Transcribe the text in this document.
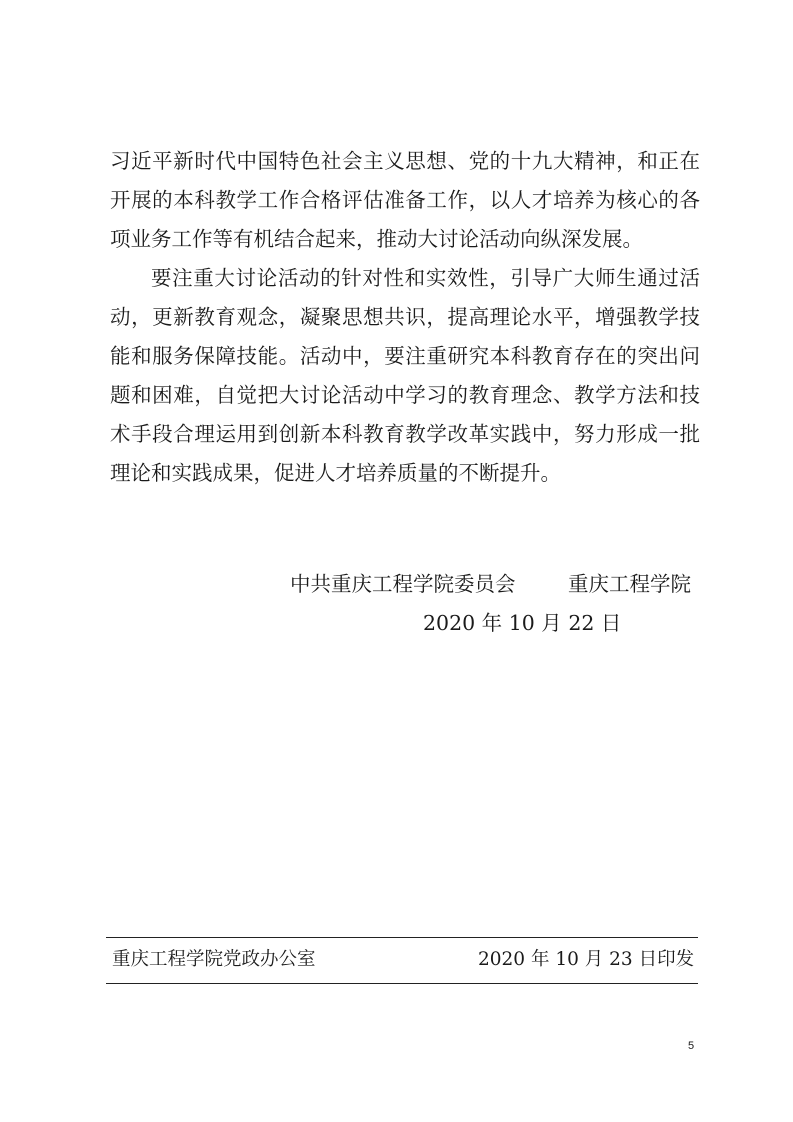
习近平新时代中国特色社会主义思想、党的十九大精神，和正在
开展的本科教学工作合格评估准备工作，以人才培养为核心的各
项业务工作等有机结合起来，推动大讨论活动向纵深发展。
要注重大讨论活动的针对性和实效性，引导广大师生通过活
动，更新教育观念，凝聚思想共识，提高理论水平，增强教学技
能和服务保障技能。活动中，要注重研究本科教育存在的突出问
题和困难，自觉把大讨论活动中学习的教育理念、教学方法和技
术手段合理运用到创新本科教育教学改革实践中，努力形成一批
理论和实践成果，促进人才培养质量的不断提升。
中共重庆工程学院委员会	重庆工程学院
2020 年 10 月 22 日
重庆工程学院党政办公室	2020 年 10 月 23 日印发
5
